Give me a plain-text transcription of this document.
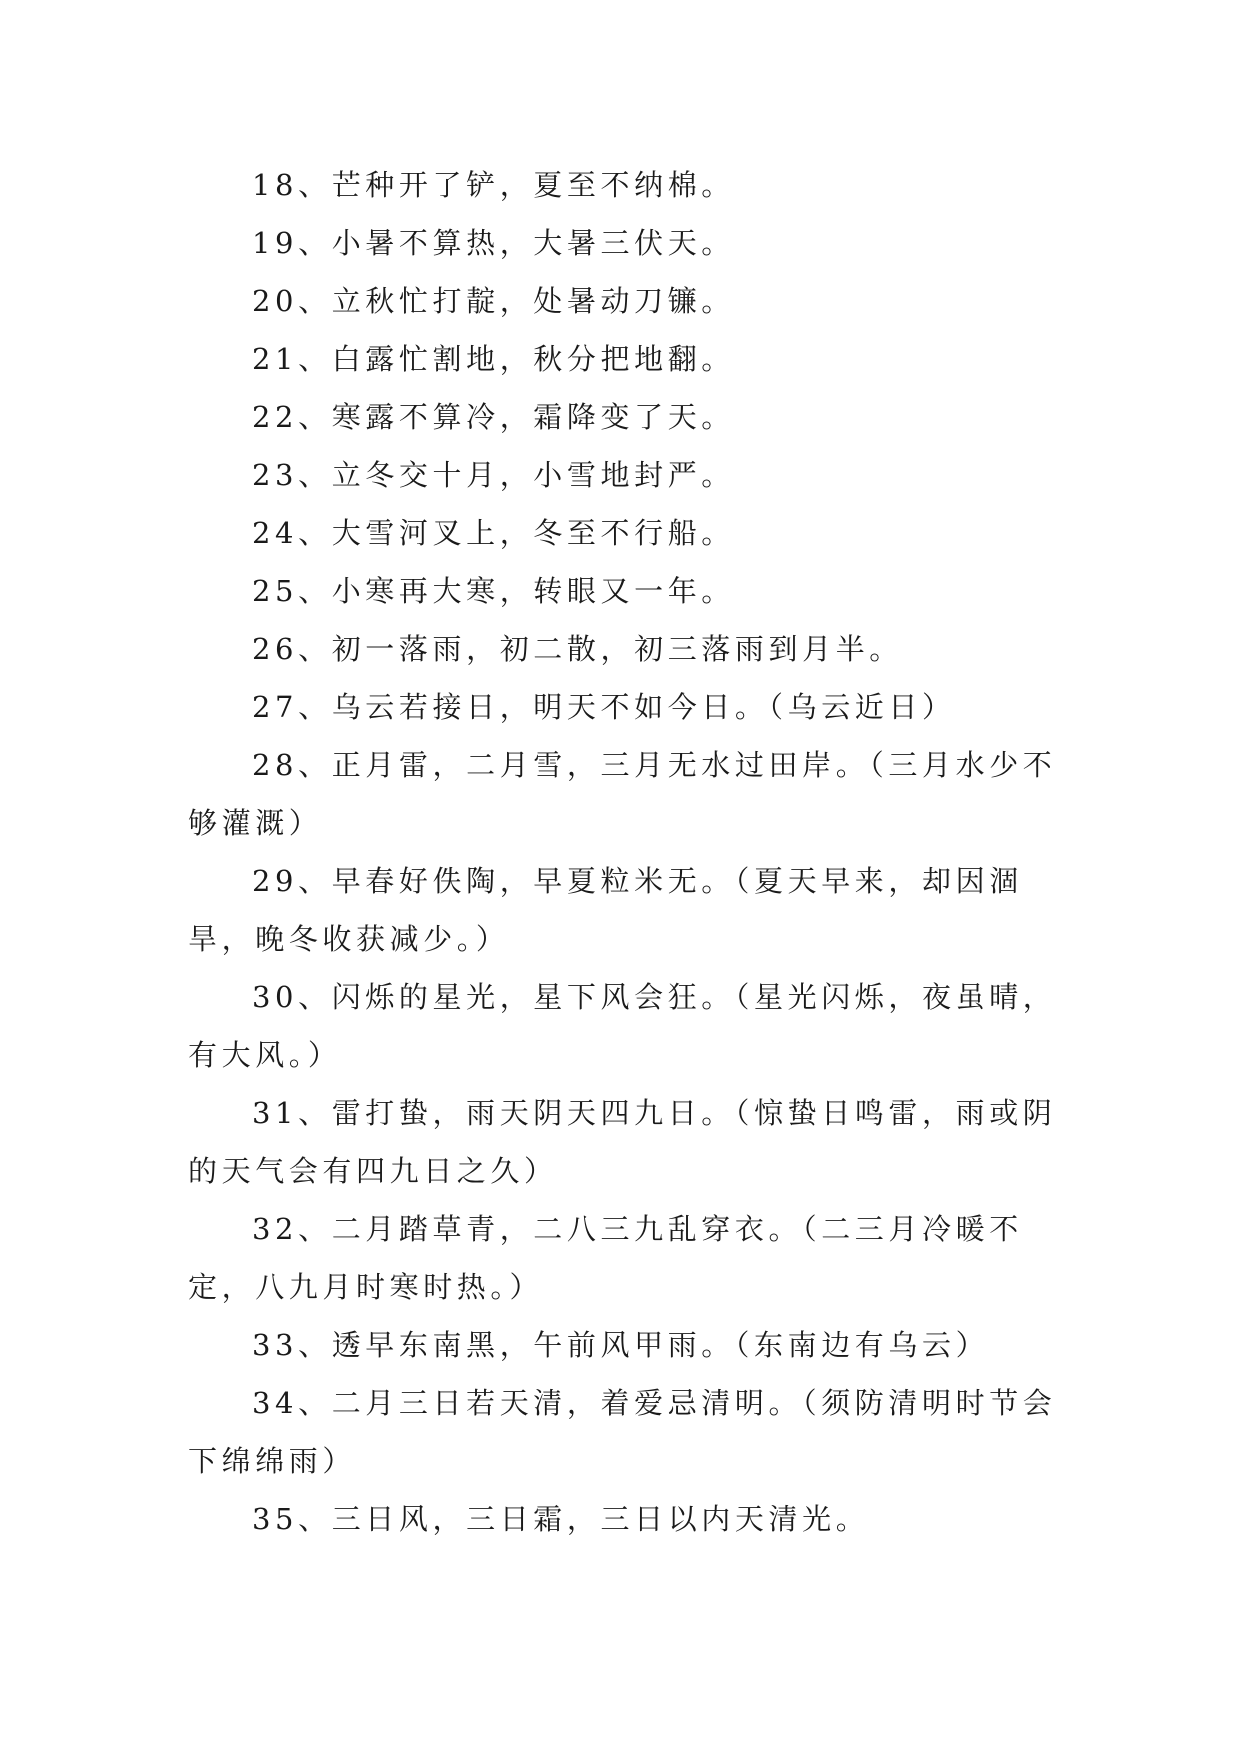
18、芒种开了铲，夏至不纳棉。

19、小暑不算热，大暑三伏天。

20、立秋忙打靛，处暑动刀镰。

21、白露忙割地，秋分把地翻。

22、寒露不算冷，霜降变了天。

23、立冬交十月，小雪地封严。

24、大雪河叉上，冬至不行船。

25、小寒再大寒，转眼又一年。

26、初一落雨，初二散，初三落雨到月半。

27、乌云若接日，明天不如今日。（乌云近日）

28、正月雷，二月雪，三月无水过田岸。（三月水少不够灌溉）

29、早春好佚陶，早夏粒米无。（夏天早来，却因涸旱，晚冬收获减少。）

30、闪烁的星光，星下风会狂。（星光闪烁，夜虽晴，有大风。）

31、雷打蛰，雨天阴天四九日。（惊蛰日鸣雷，雨或阴的天气会有四九日之久）

32、二月踏草青，二八三九乱穿衣。（二三月冷暖不定，八九月时寒时热。）

33、透早东南黑，午前风甲雨。（东南边有乌云）

34、二月三日若天清，着爱忌清明。（须防清明时节会下绵绵雨）

35、三日风，三日霜，三日以内天清光。
